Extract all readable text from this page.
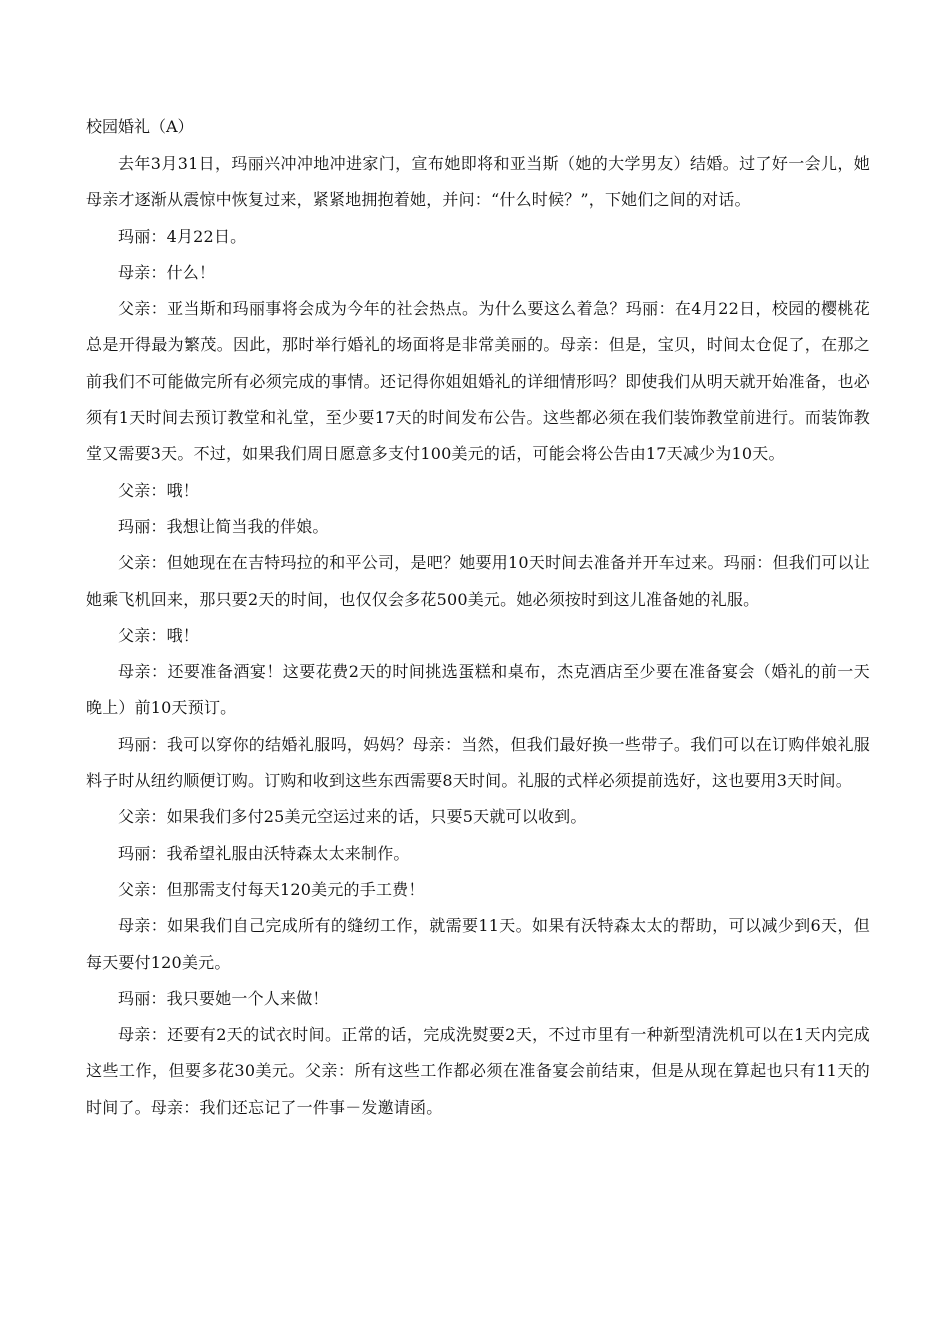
校园婚礼（A）

去年3月31日，玛丽兴冲冲地冲进家门，宣布她即将和亚当斯（她的大学男友）结婚。过了好一会儿，她母亲才逐渐从震惊中恢复过来，紧紧地拥抱着她，并问：“什么时候？”，下她们之间的对话。

玛丽：4月22日。

母亲：什么！

父亲：亚当斯和玛丽事将会成为今年的社会热点。为什么要这么着急？玛丽：在4月22日，校园的樱桃花总是开得最为繁茂。因此，那时举行婚礼的场面将是非常美丽的。母亲：但是，宝贝，时间太仓促了，在那之前我们不可能做完所有必须完成的事情。还记得你姐姐婚礼的详细情形吗？即使我们从明天就开始准备，也必须有1天时间去预订教堂和礼堂，至少要17天的时间发布公告。这些都必须在我们装饰教堂前进行。而装饰教堂又需要3天。不过，如果我们周日愿意多支付100美元的话，可能会将公告由17天减少为10天。

父亲：哦！

玛丽：我想让简当我的伴娘。

父亲：但她现在在吉特玛拉的和平公司，是吧？她要用10天时间去准备并开车过来。玛丽：但我们可以让她乘飞机回来，那只要2天的时间，也仅仅会多花500美元。她必须按时到这儿准备她的礼服。

父亲：哦！

母亲：还要准备酒宴！这要花费2天的时间挑选蛋糕和桌布，杰克酒店至少要在准备宴会（婚礼的前一天晚上）前10天预订。

玛丽：我可以穿你的结婚礼服吗，妈妈？母亲：当然，但我们最好换一些带子。我们可以在订购伴娘礼服料子时从纽约顺便订购。订购和收到这些东西需要8天时间。礼服的式样必须提前选好，这也要用3天时间。

父亲：如果我们多付25美元空运过来的话，只要5天就可以收到。

玛丽：我希望礼服由沃特森太太来制作。

父亲：但那需支付每天120美元的手工费！

母亲：如果我们自己完成所有的缝纫工作，就需要11天。如果有沃特森太太的帮助，可以减少到6天，但每天要付120美元。

玛丽：我只要她一个人来做！

母亲：还要有2天的试衣时间。正常的话，完成洗熨要2天，不过市里有一种新型清洗机可以在1天内完成这些工作，但要多花30美元。父亲：所有这些工作都必须在准备宴会前结束，但是从现在算起也只有11天的时间了。母亲：我们还忘记了一件事－发邀请函。
